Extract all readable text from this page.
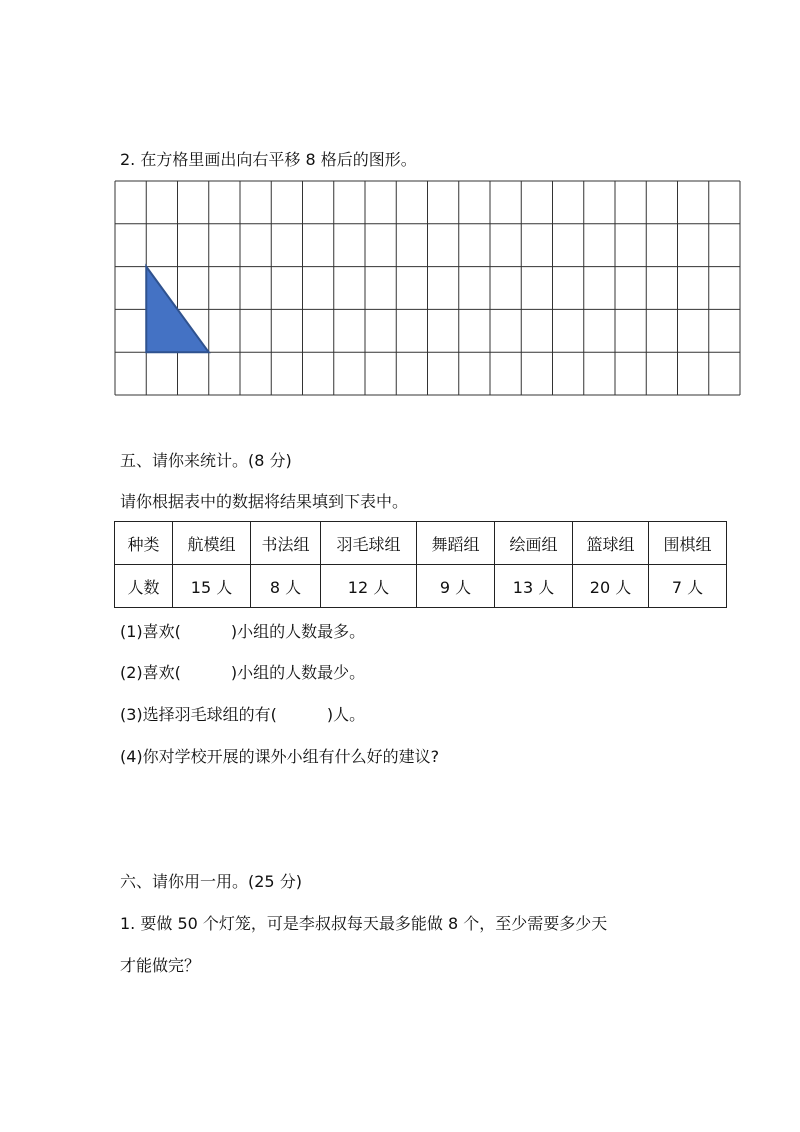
2. 在方格里画出向右平移 8 格后的图形。
五、请你来统计。(8 分)
请你根据表中的数据将结果填到下表中。
种类	航模组	书法组	羽毛球组	舞蹈组	绘画组	篮球组	围棋组
人数	15 人	8 人	12 人	9 人	13 人	20 人	7 人
(1)喜欢(	)小组的人数最多。
(2)喜欢(	)小组的人数最少。
(3)选择羽毛球组的有(	)人。
(4)你对学校开展的课外小组有什么好的建议?
六、请你用一用。(25 分)
1. 要做 50 个灯笼，可是李叔叔每天最多能做 8 个，至少需要多少天
才能做完？
